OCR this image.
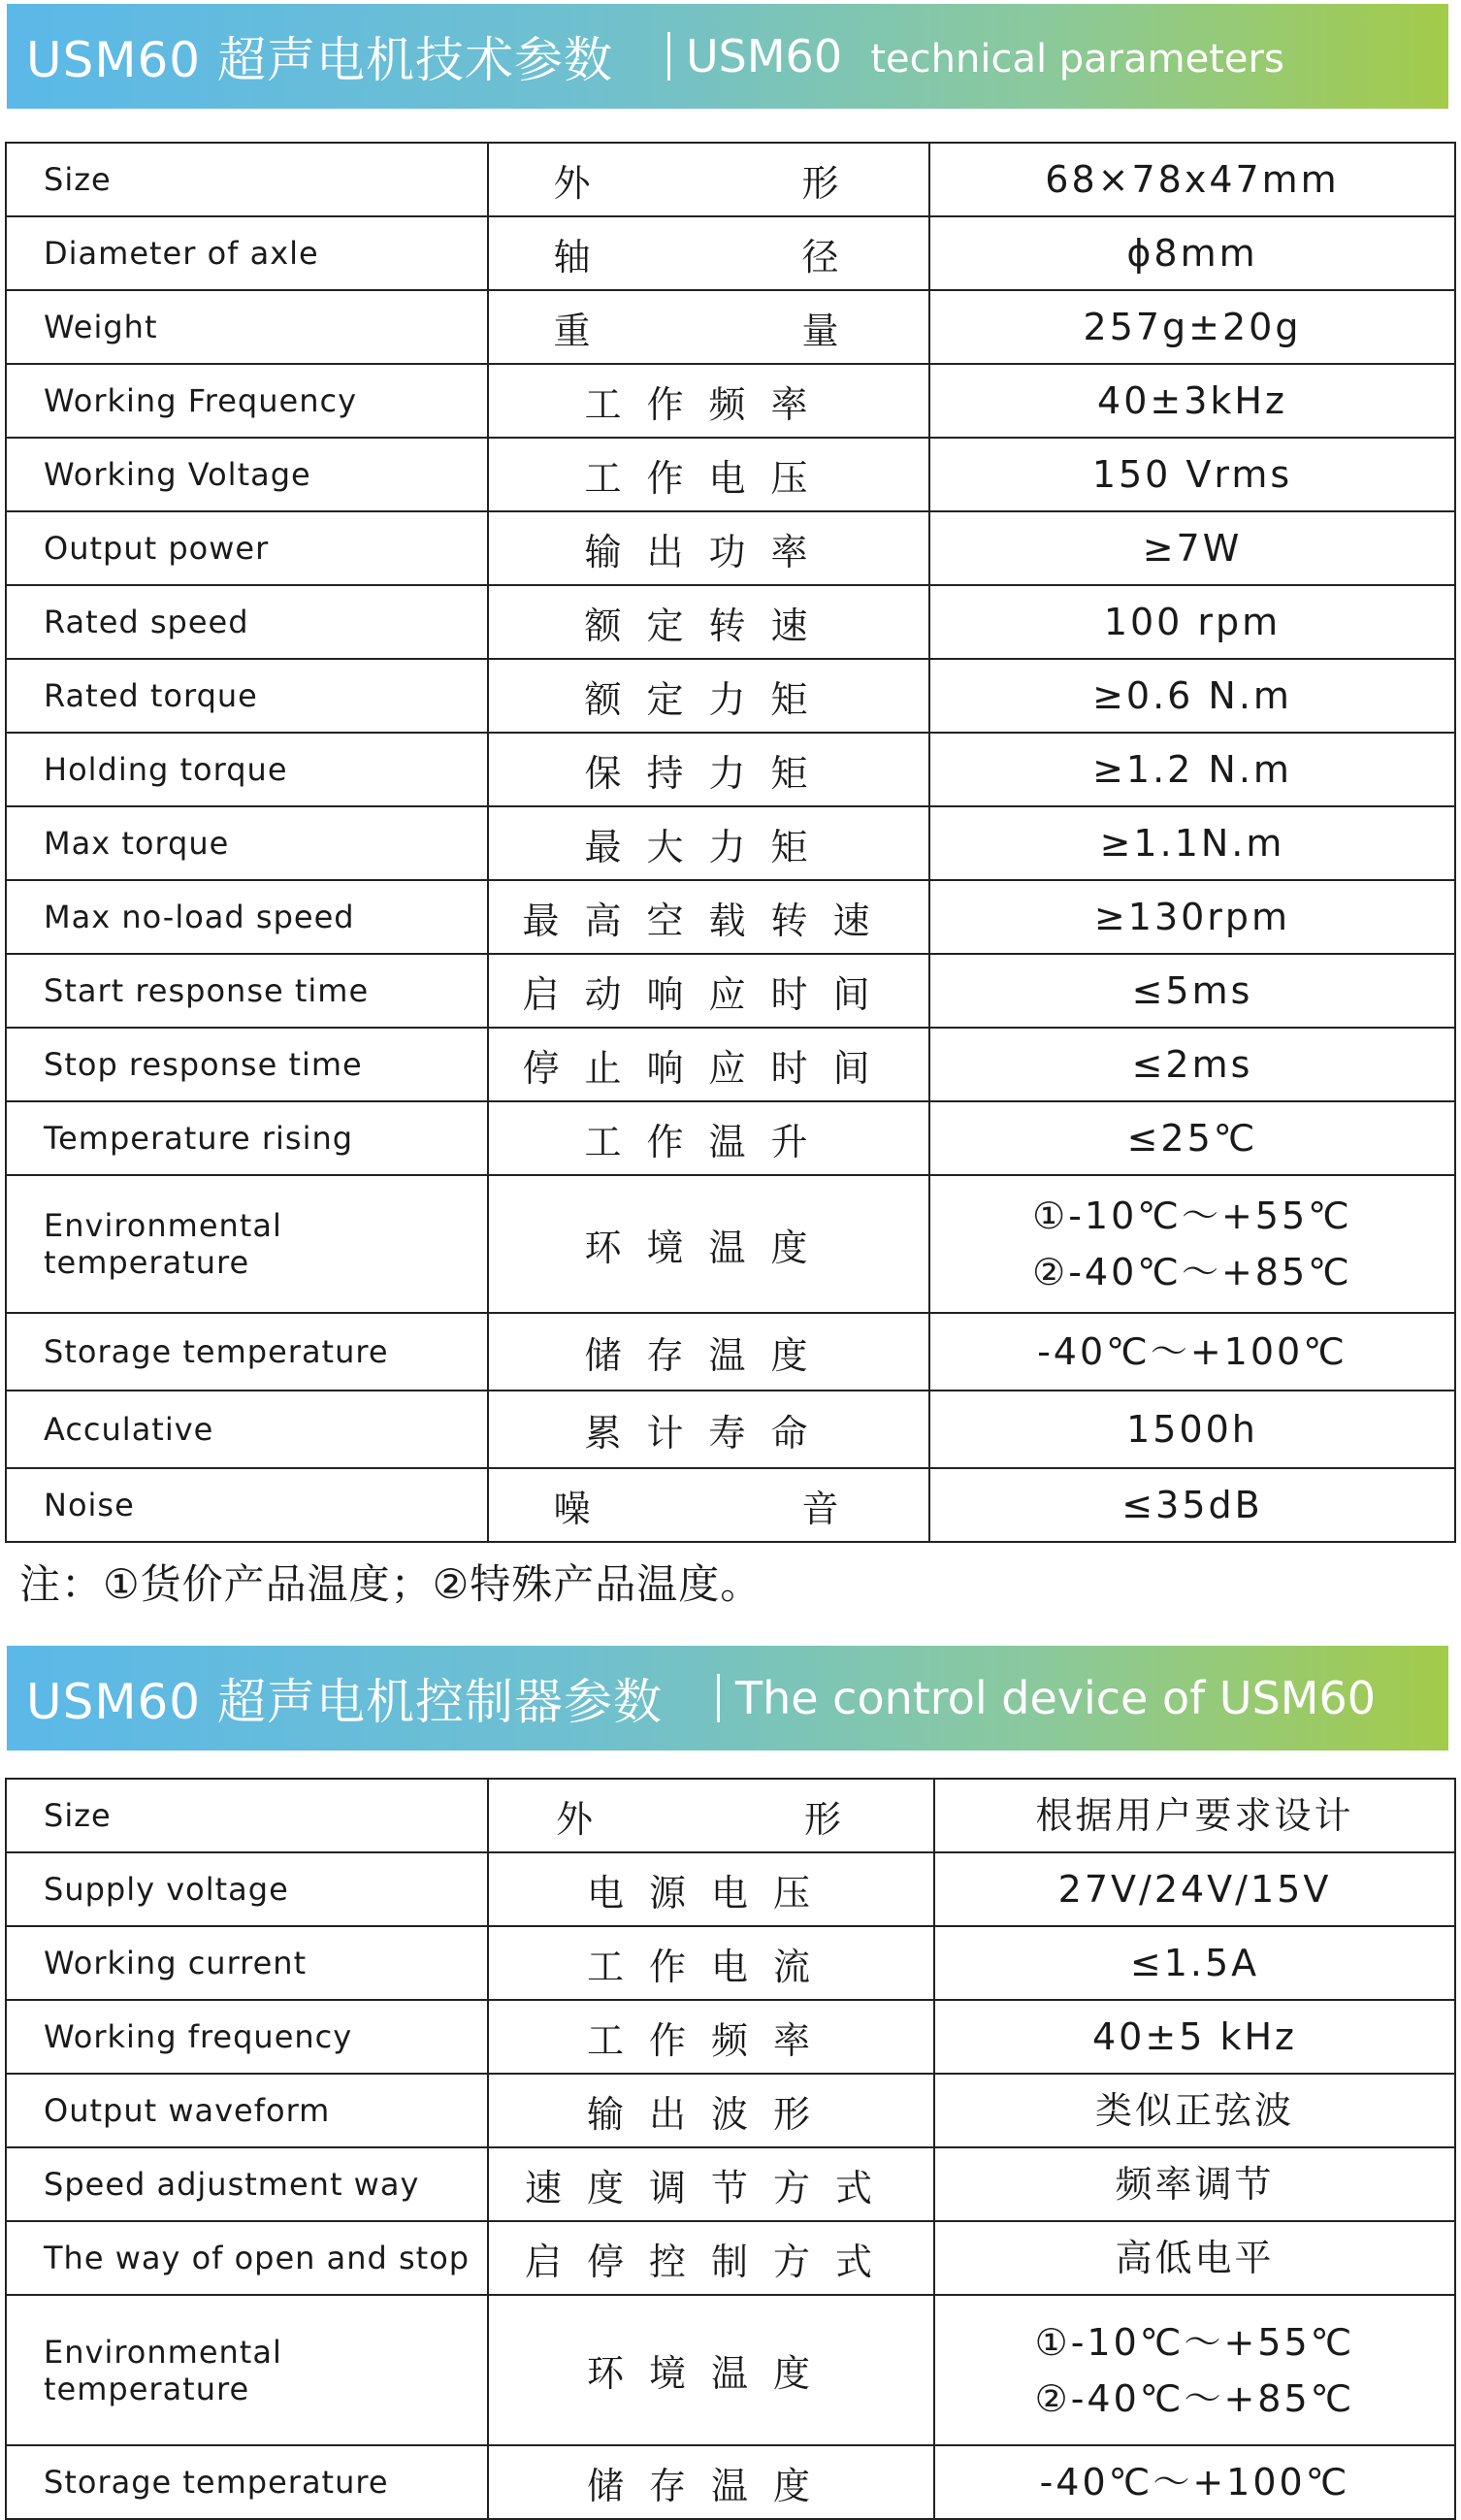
USM60 超声电机技术参数 USM60 technical parameters
Size	外　　　形	68×78x47mm

Diameter of axle	轴　　　径	ϕ8mm

Weight	重　　　量	257g±20g

Working Frequency	工作频率	40±3kHz

Working Voltage	工作电压	150 Vrms

Output power	输出功率	≥7W

Rated speed	额定转速	100 rpm

Rated torque	额定力矩	≥0.6 N.m

Holding torque	保持力矩	≥1.2 N.m

Max torque	最大力矩	≥1.1N.m

Max no-load speed	最高空载转速	≥130rpm

Start response time	启动响应时间	≤5ms

Stop response time	停止响应时间	≤2ms

Temperature rising	工作温升	≤25℃

Environmental temperature	环境温度	①-10℃～+55℃
②-40℃～+85℃

Storage temperature	储存温度	-40℃～+100℃

Acculative	累计寿命	1500h

Noise	噪　　　音	≤35dB
注：①货价产品温度；②特殊产品温度。
USM60 超声电机控制器参数 The control device of USM60
Size	外　　　形	根据用户要求设计

Supply voltage	电源电压	27V/24V/15V

Working current	工作电流	≤1.5A

Working frequency	工作频率	40±5 kHz

Output waveform	输出波形	类似正弦波

Speed adjustment way	速度调节方式	频率调节

The way of open and stop	启停控制方式	高低电平

Environmental temperature	环境温度	①-10℃～+55℃
②-40℃～+85℃

Storage temperature	储存温度	-40℃～+100℃
